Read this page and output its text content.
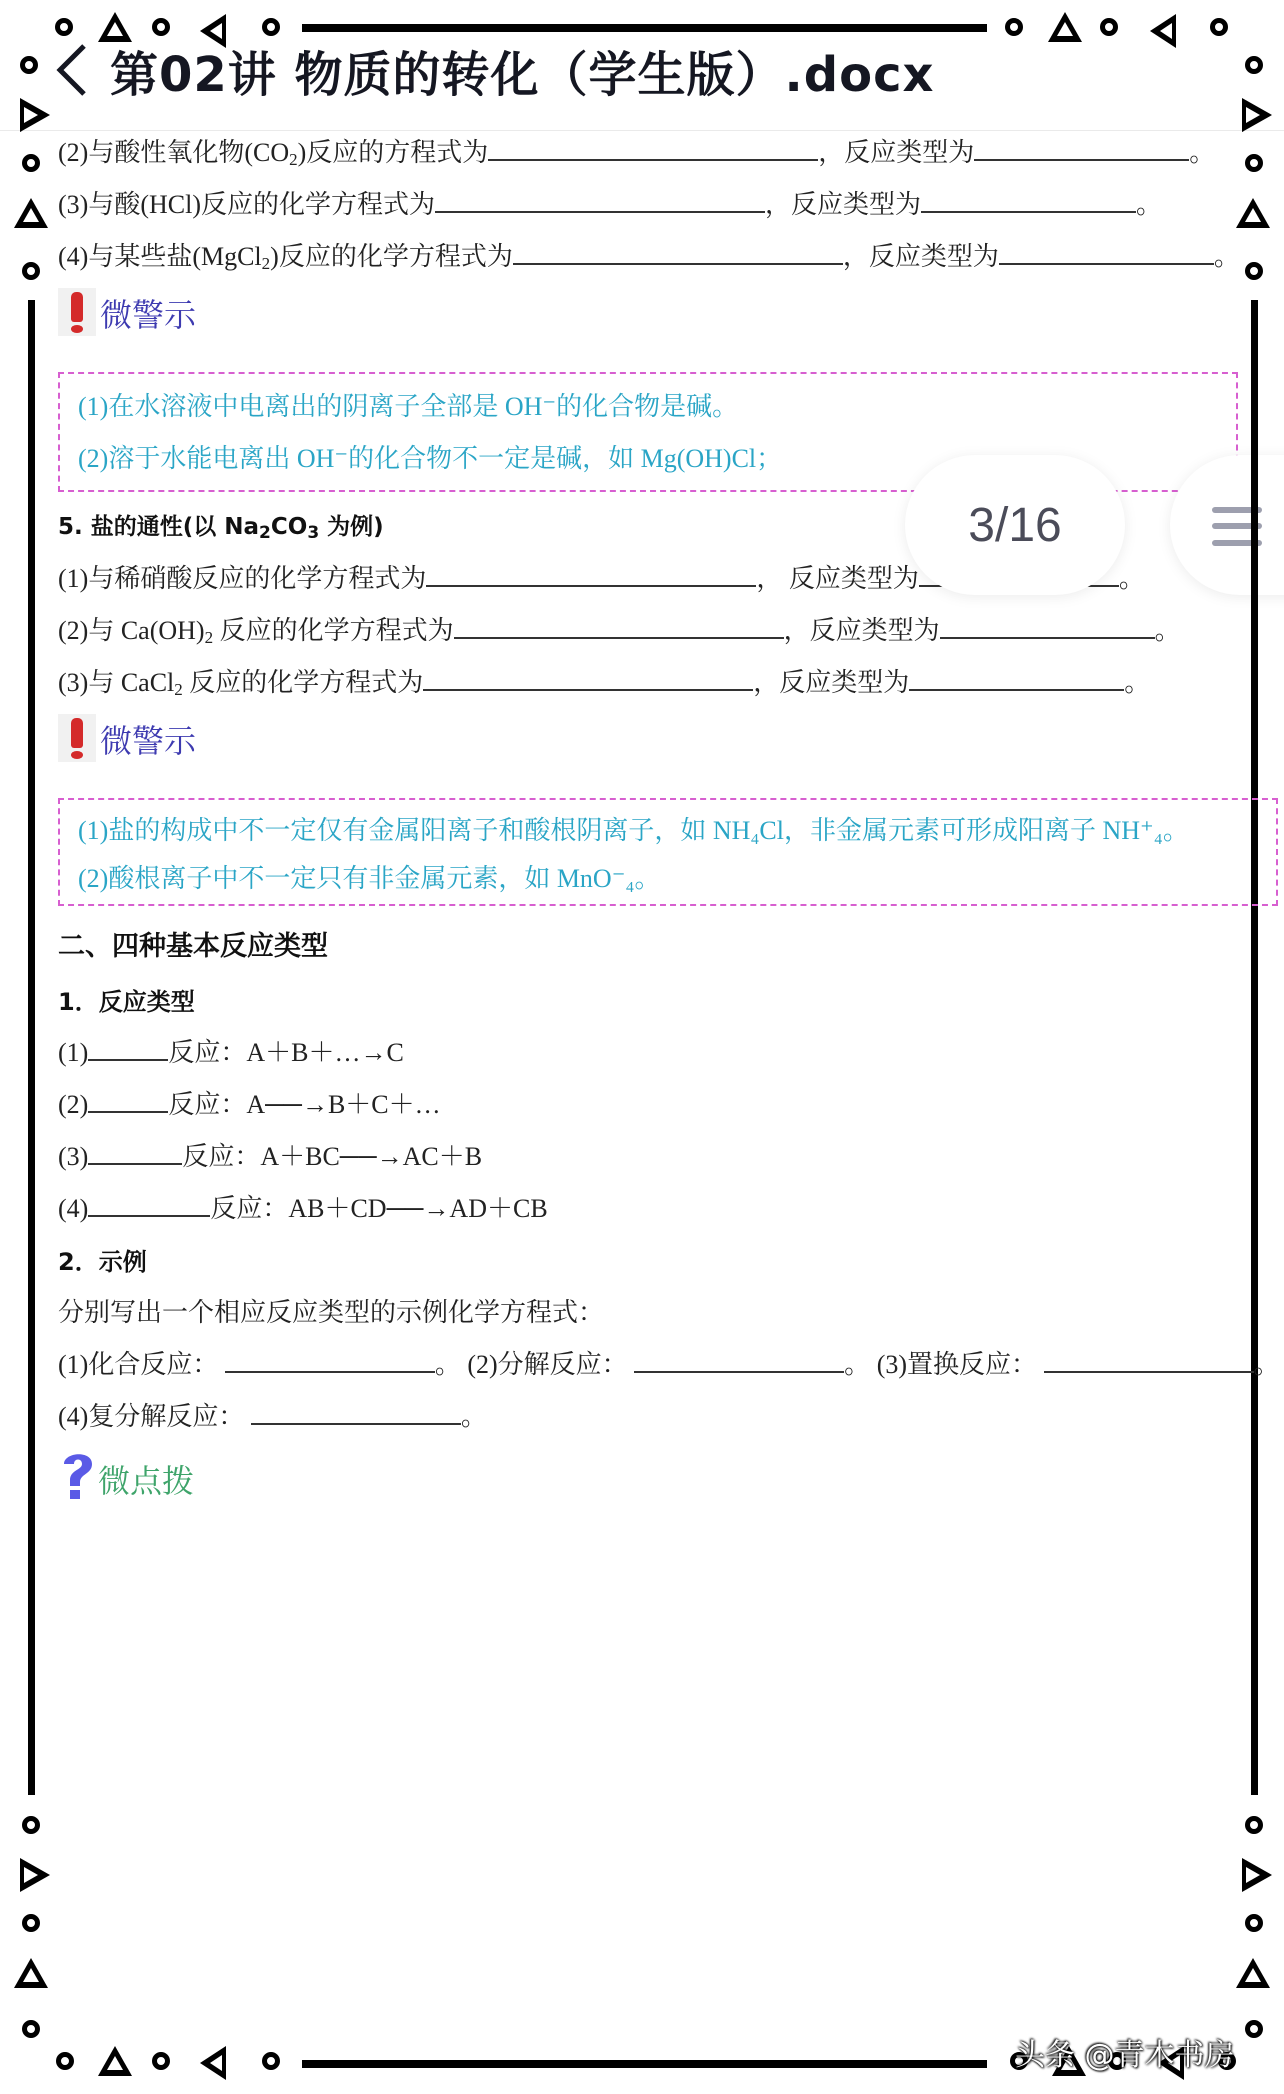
(2)与酸性氧化物$(CO_2)$反应的方程式为	，反应类型为	。
(3)与酸(HCl)反应的化学方程式为	，反应类型为	。
(4)与某些盐(MgCl$_2$)反应的化学方程式为	，反应类型为	。
微警示
(1)在水溶液中电离出的阴离子全部是 OH⁻的化合物是碱。
(2)溶于水能电离出 OH⁻的化合物不一定是碱，如 Mg(OH)Cl；
5. 盐的通性(以 $Na_2CO_3$ 为例)
(1)与稀硝酸反应的化学方程式为	， 反应类型为	。
(2)与 $Ca(OH)_2$ 反应的化学方程式为	，反应类型为	。
(3)与 CaCl$_2$ 反应的化学方程式为	，反应类型为	。
微警示
(1)盐的构成中不一定仅有金属阳离子和酸根阴离子，如 NH₄Cl，非金属元素可形成阳离子 NH⁺₄。
(2)酸根离子中不一定只有非金属元素，如 MnO⁻₄。
二、四种基本反应类型
1．反应类型
(1)	反应：A＋B＋…→C
(2)	反应：A──→B＋C＋…
(3)	反应：A＋BC──→AC＋B
(4)	反应：AB＋CD──→AD＋CB
2．示例
分别写出一个相应反应类型的示例化学方程式：
(1)化合反应：	。 (2)分解反应：	。 (3)置换反应：	。
(4)复分解反应：	。
微点拨
第02讲 物质的转化（学生版）.docx
3/16
头条 @青木书房
